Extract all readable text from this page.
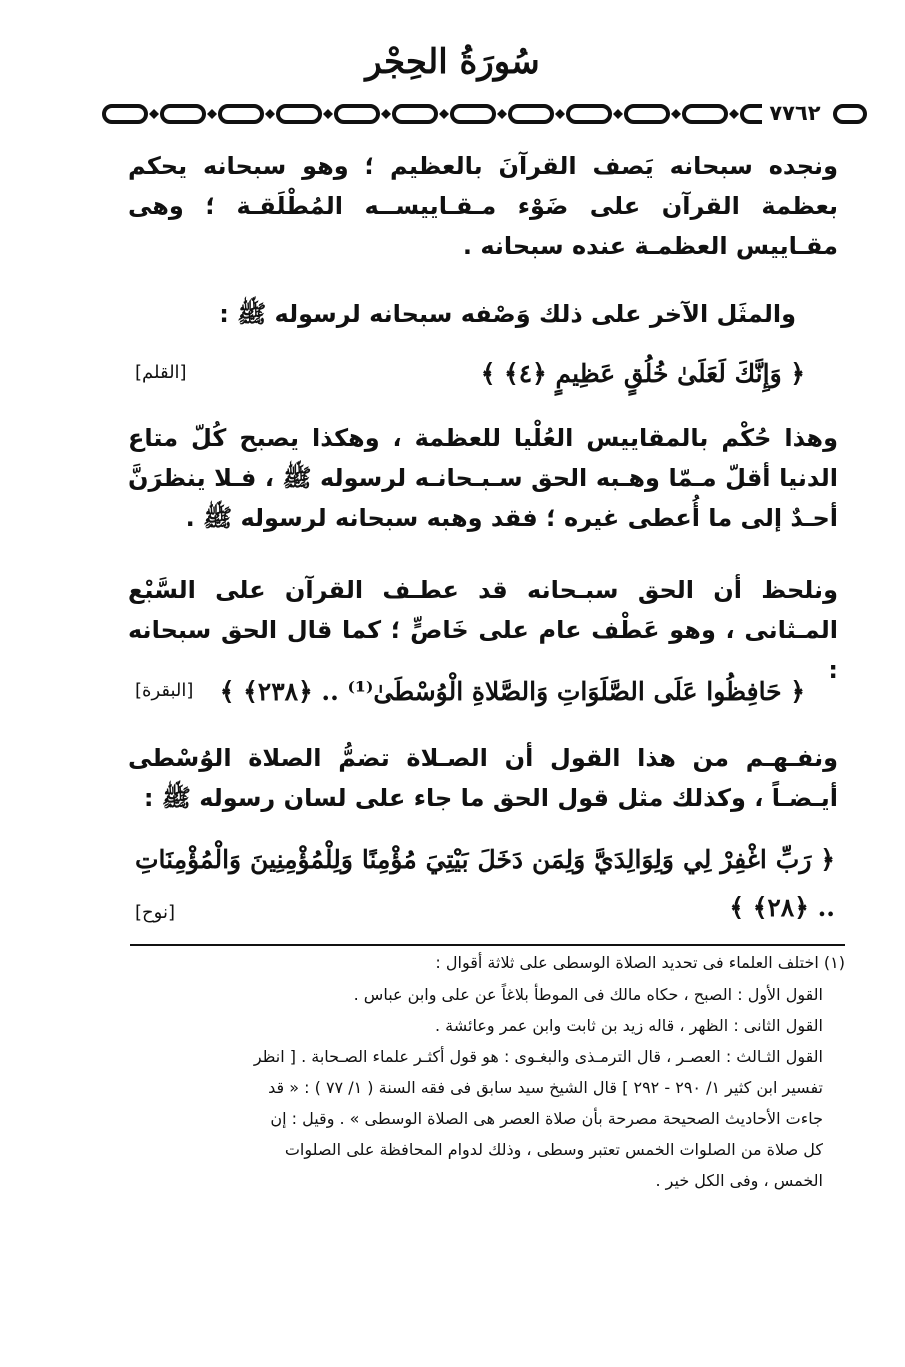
سُورَةُ الحِجْر
٧٧٦٢
ونجده سبحانه يَصف القرآنَ بالعظيم ؛ وهو سبحانه يحكم بعظمة القرآن على ضَوْء مـقـاييســه المُطْلَقـة ؛ وهى مقـاييس العظمـة عنده سبحانه .
والمثَل الآخر على ذلك وَصْفه سبحانه لرسوله ﷺ :
﴿ وَإِنَّكَ لَعَلَىٰ خُلُقٍ عَظِيمٍ ﴿٤﴾ ﴾
[القلم]
وهذا حُكْم بالمقاييس العُلْيا للعظمة ، وهكذا يصبح كُلّ متاع الدنيا أقلّ مـمّا وهـبه الحق سـبـحانـه لرسوله ﷺ ، فـلا ينظرَنَّ أحـدٌ إلى ما أُعطى غيره ؛ فقد وهبه سبحانه لرسوله ﷺ .
ونلحظ أن الحق سبـحانه قد عطـف القرآن على السَّبْع المـثانى ، وهو عَطْف عام على خَاصٍّ ؛ كما قال الحق سبحانه :
﴿ حَافِظُوا عَلَى الصَّلَوَاتِ وَالصَّلاةِ الْوُسْطَىٰ⁽¹⁾ .. ﴿٢٣٨﴾ ﴾
[البقرة]
ونفـهـم من هذا القول أن الصـلاة تضمُّ الصلاة الوُسْطى أيـضـاً ، وكذلك مثل قول الحق ما جاء على لسان رسوله ﷺ :
﴿ رَبِّ اغْفِرْ لِي وَلِوَالِدَيَّ وَلِمَن دَخَلَ بَيْتِيَ مُؤْمِنًا وَلِلْمُؤْمِنِينَ وَالْمُؤْمِنَاتِ .. ﴿٢٨﴾ ﴾
[نوح]
(١) اختلف العلماء فى تحديد الصلاة الوسطى على ثلاثة أقوال :
القول الأول : الصبح ، حكاه مالك فى الموطأ بلاغاً عن على وابن عباس .
القول الثانى : الظهر ، قاله زيد بن ثابت وابن عمر وعائشة .
القول الثـالث : العصـر ، قال الترمـذى والبغـوى : هو قول أكثـر علماء الصـحابة . [ انظر
تفسير ابن كثير ١/ ٢٩٠ - ٢٩٢ ] قال الشيخ سيد سابق فى فقه السنة ( ١/ ٧٧ ) : « قد
جاءت الأحاديث الصحيحة مصرحة بأن صلاة العصر هى الصلاة الوسطى » . وقيل : إن
كل صلاة من الصلوات الخمس تعتبر وسطى ، وذلك لدوام المحافظة على الصلوات
الخمس ، وفى الكل خير .
